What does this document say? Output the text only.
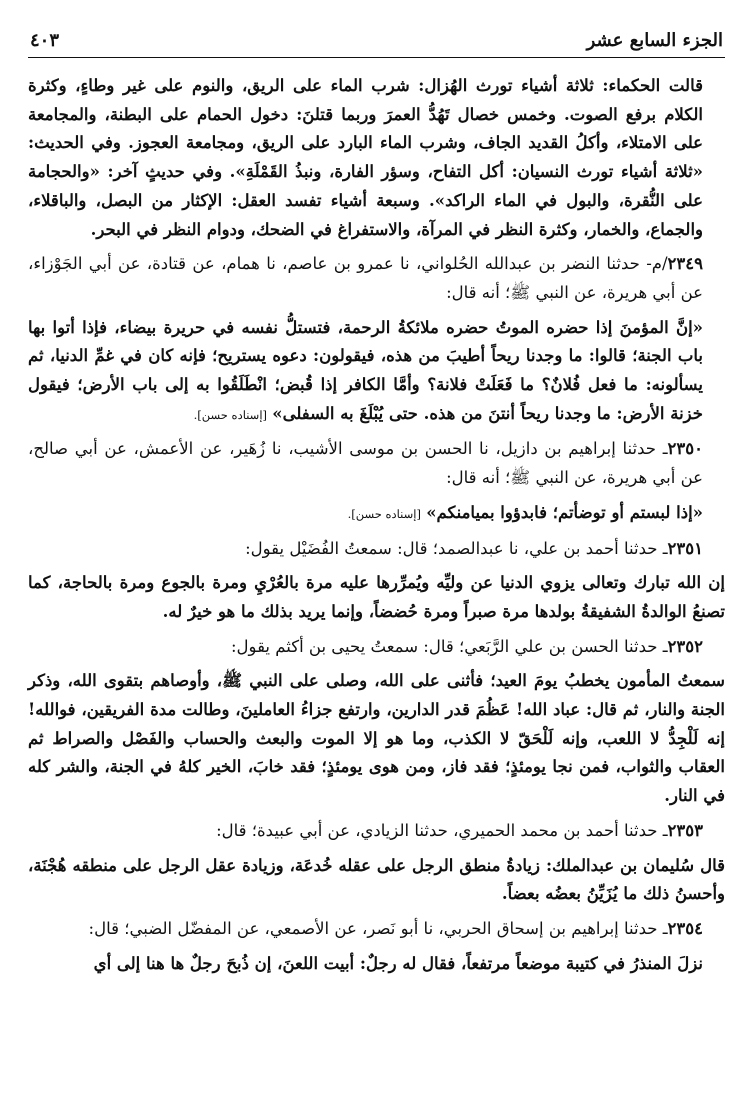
الجزء السابع عشر
٤٠٣

قالت الحكماء: ثلاثة أشياء تورث الهُزال: شرب الماء على الريق، والنوم على غير وطاءٍ، وكثرة الكلام برفع الصوت. وخمس خصال تَهُدُّ العمرَ وربما قتلنَ: دخول الحمام على البطنة، والمجامعة على الامتلاء، وأكلُ القديد الجاف، وشرب الماء البارد على الريق، ومجامعة العجوز. وفي الحديث: «ثلاثة أشياء تورث النسيان: أكل التفاح، وسؤر الفارة، ونبذُ القَمْلَةِ». وفي حديثٍ آخر: «والحجامة على النُّقرة، والبول في الماء الراكد». وسبعة أشياء تفسد العقل: الإكثار من البصل، والباقلاء، والجماع، والخمار، وكثرة النظر في المرآة، والاستفراغ في الضحك، ودوام النظر في البحر.

٢٣٤٩/م- حدثنا النضر بن عبدالله الحُلواني، نا عمرو بن عاصم، نا همام، عن قتادة، عن أبي الجَوْزاء، عن أبي هريرة، عن النبي ﷺ؛ أنه قال:

«إنَّ المؤمنَ إذا حضره الموتُ حضره ملائكةُ الرحمة، فتستلُّ نفسه في حريرة بيضاء، فإذا أتوا بها باب الجنة؛ قالوا: ما وجدنا ريحاً أطيبَ من هذه، فيقولون: دعوه يستريح؛ فإنه كان في غمِّ الدنيا، ثم يسألونه: ما فعل فُلانٌ؟ ما فَعَلَتْ فلانة؟ وأمَّا الكافر إذا قُبض؛ انْطَلَقُوا به إلى باب الأرض؛ فيقول خزنة الأرض: ما وجدنا ريحاً أنتنَ من هذه. حتى يُبْلَغَ به السفلى» [إسناده حسن].

٢٣٥٠ـ حدثنا إبراهيم بن دازيل، نا الحسن بن موسى الأشيب، نا زُهَير، عن الأعمش، عن أبي صالح، عن أبي هريرة، عن النبي ﷺ؛ أنه قال:

«إذا لبستم أو توضأتم؛ فابدؤوا بميامنكم» [إسناده حسن].

٢٣٥١ـ حدثنا أحمد بن علي، نا عبدالصمد؛ قال: سمعتُ الفُضَيْل يقول:

إن الله تبارك وتعالى يزوي الدنيا عن وليِّه ويُمرِّرها عليه مرة بالعُرْيِ ومرة بالجوع ومرة بالحاجة، كما تصنعُ الوالدةُ الشفيقةُ بولدها مرة صبراً ومرة حُضضاً، وإنما يريد بذلك ما هو خيرٌ له.

٢٣٥٢ـ حدثنا الحسن بن علي الرَّبَعي؛ قال: سمعتُ يحيى بن أكثم يقول:

سمعتُ المأمون يخطبُ يومَ العيد؛ فأثنى على الله، وصلى على النبي ﷺ، وأوصاهم بتقوى الله، وذكر الجنة والنار، ثم قال: عباد الله! عَظُمَ قدر الدارين، وارتفع جزاءُ العاملينَ، وطالت مدة الفريقين، فوالله! إنه لَلْجِدُّ لا اللعب، وإنه لَلْحَقّ لا الكذب، وما هو إلا الموت والبعث والحساب والفَصْل والصراط ثم العقاب والثواب، فمن نجا يومئذٍ؛ فقد فاز، ومن هوى يومئذٍ؛ فقد خابَ، الخير كلهُ في الجنة، والشر كله في النار.

٢٣٥٣ـ حدثنا أحمد بن محمد الحميري، حدثنا الزيادي، عن أبي عبيدة؛ قال:

قال سُليمان بن عبدالملك: زيادةُ منطق الرجل على عقله خُدعَة، وزيادة عقل الرجل على منطقه هُجْنَة، وأحسنُ ذلك ما يُزَيِّنُ بعضُه بعضاً.

٢٣٥٤ـ حدثنا إبراهيم بن إسحاق الحربي، نا أبو نَصر، عن الأصمعي، عن المفضّل الضبي؛ قال:

نزلَ المنذرُ في كتيبة موضعاً مرتفعاً، فقال له رجلٌ: أبيت اللعنَ، إن ذُبحَ رجلٌ ها هنا إلى أي
